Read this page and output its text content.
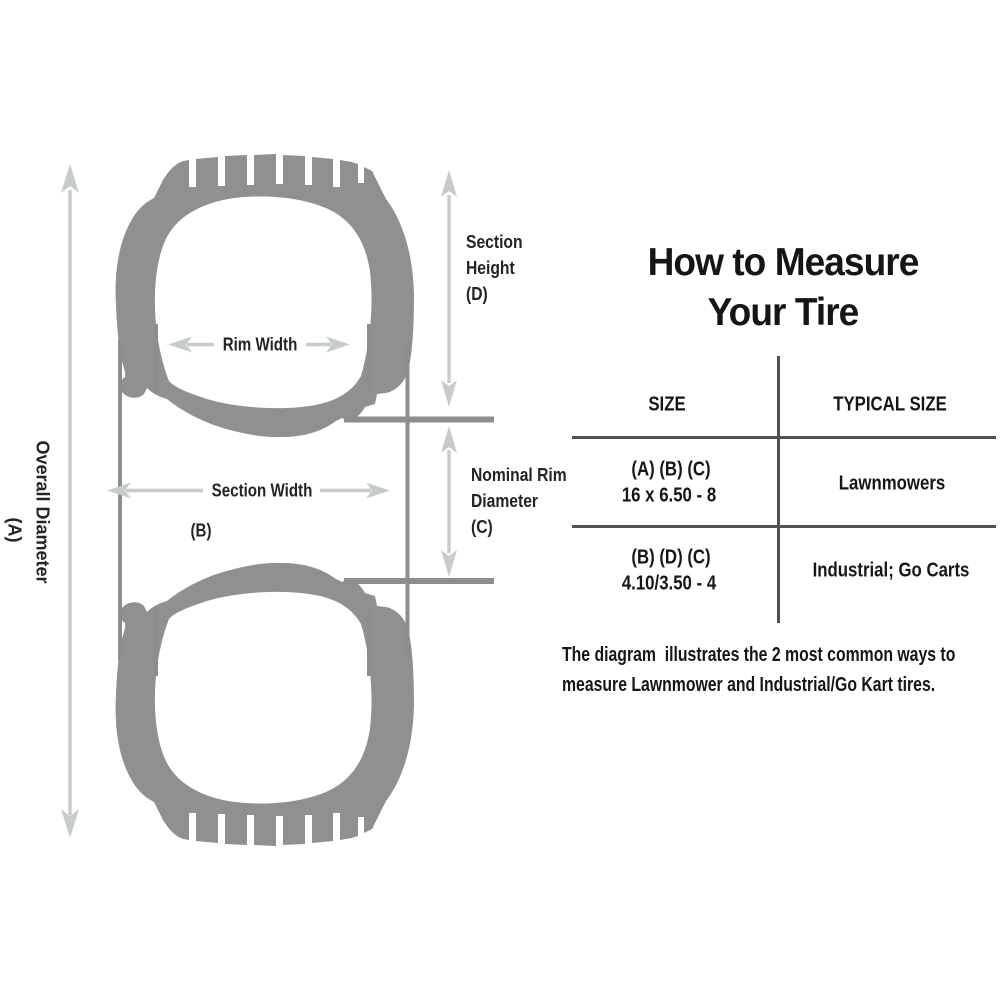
Overall Diameter
(A)
Rim Width
Section
Height
(D)
Section Width
(B)
Nominal Rim
Diameter
(C)
How to Measure
Your Tire
SIZE	TYPICAL SIZE
(A) (B) (C)
16 x 6.50 - 8
Lawnmowers
(B) (D) (C)
4.10/3.50 - 4
Industrial; Go Carts
The diagram  illustrates the 2 most common ways to
measure Lawnmower and Industrial/Go Kart tires.
